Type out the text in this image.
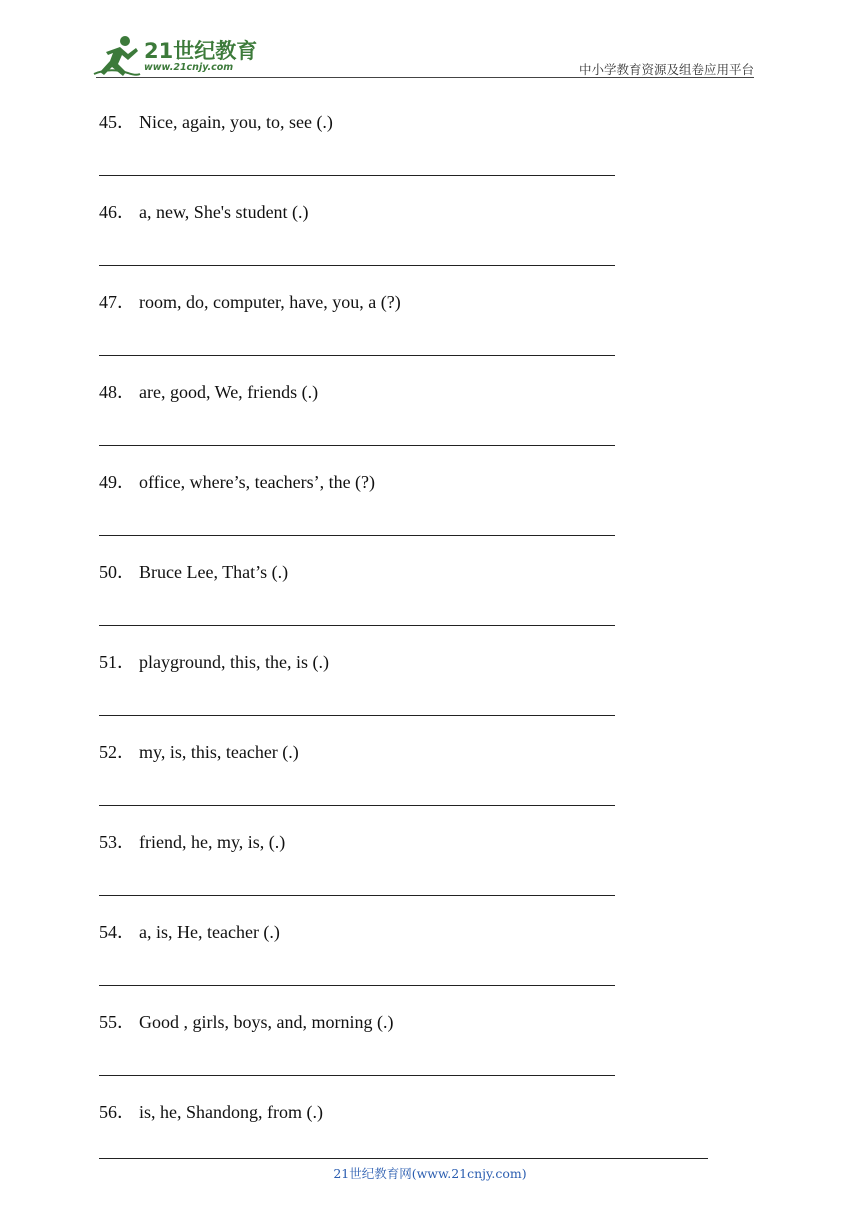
21世纪教育
www.21cnjy.com	中小学教育资源及组卷应用平台
45． Nice, again, you, to, see (.)
46． a, new, She's student (.)
47． room, do, computer, have, you, a (?)
48． are, good, We, friends (.)
49． office, where’s, teachers’, the (?)
50． Bruce Lee, That’s (.)
51． playground, this, the, is (.)
52． my, is, this, teacher (.)
53． friend, he, my, is, (.)
54． a, is, He, teacher (.)
55． Good , girls, boys, and, morning (.)
56． is, he, Shandong, from (.)
21世纪教育网(www.21cnjy.com)
